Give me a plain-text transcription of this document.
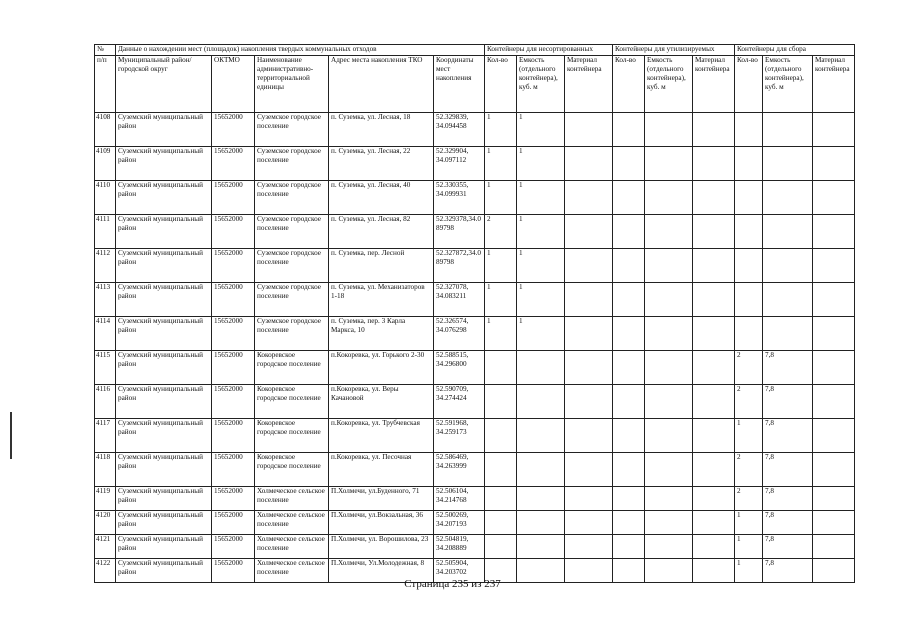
№	Данные о нахождении мест (площадок) накопления твердых коммунальных отходов					Контейнеры для несортированных			Контейнеры для утилизируемых			Контейнеры для сбора		
п/п	Муниципальный район/городской округ	ОКТМО	Наименование административно-территориальной единицы	Адрес места накопления ТКО	Координаты мест накопления	Кол-во	Емкость (отдельного контейнера), куб. м	Материал контейнера	Кол-во	Емкость (отдельного контейнера), куб. м	Материал контейнера	Кол-во	Емкость (отдельного контейнера), куб. м	Материал контейнера
4108	Суземский муниципальный район	15652000	Суземское городское поселение	п. Суземка, ул. Лесная, 18	52.329839, 34.094458	1	1							
4109	Суземский муниципальный район	15652000	Суземское городское поселение	п. Суземка, ул. Лесная, 22	52.329904, 34.097112	1	1							
4110	Суземский муниципальный район	15652000	Суземское городское поселение	п. Суземка, ул. Лесная, 40	52.330355, 34.099931	1	1							
4111	Суземский муниципальный район	15652000	Суземское городское поселение	п. Суземка, ул. Лесная, 82	52.329378,34.089798	2	1							
4112	Суземский муниципальный район	15652000	Суземское городское поселение	п. Суземка, пер. Лесной	52.327872,34.089798	1	1							
4113	Суземский муниципальный район	15652000	Суземское городское поселение	п. Суземка, ул. Механизаторов 1-18	52.327078, 34.083211	1	1							
4114	Суземский муниципальный район	15652000	Суземское городское поселение	п. Суземка, пер. 3 Карла Маркса, 10	52.326574, 34.076298	1	1							
4115	Суземский муниципальный район	15652000	Кокоревское городское поселение	п.Кокоревка, ул. Горького 2-30	52.588515, 34.296800							2	7,8	
4116	Суземский муниципальный район	15652000	Кокоревское городское поселение	п.Кокоревка, ул. Веры Качановой	52.590709, 34.274424							2	7,8	
4117	Суземский муниципальный район	15652000	Кокоревское городское поселение	п.Кокоревка, ул. Трубчевская	52.591968, 34.259173							1	7,8	
4118	Суземский муниципальный район	15652000	Кокоревское городское поселение	п.Кокоревка, ул. Песочная	52.586469, 34.263999							2	7,8	
4119	Суземский муниципальный район	15652000	Холмеческое сельское поселение	П.Холмечи, ул.Буденного, 71	52.506104, 34.214768							2	7,8	
4120	Суземский муниципальный район	15652000	Холмеческое сельское поселение	П.Холмечи, ул.Вокзальная, 36	52.500269, 34.207193							1	7,8	
4121	Суземский муниципальный район	15652000	Холмеческое сельское поселение	П.Холмечи, ул. Ворошилова, 23	52.504819, 34.208889							1	7,8	
4122	Суземский муниципальный район	15652000	Холмеческое сельское поселение	П.Холмечи, Ул.Молодежная, 8	52.505904, 34.203702							1	7,8	
Страница 235 из 237
